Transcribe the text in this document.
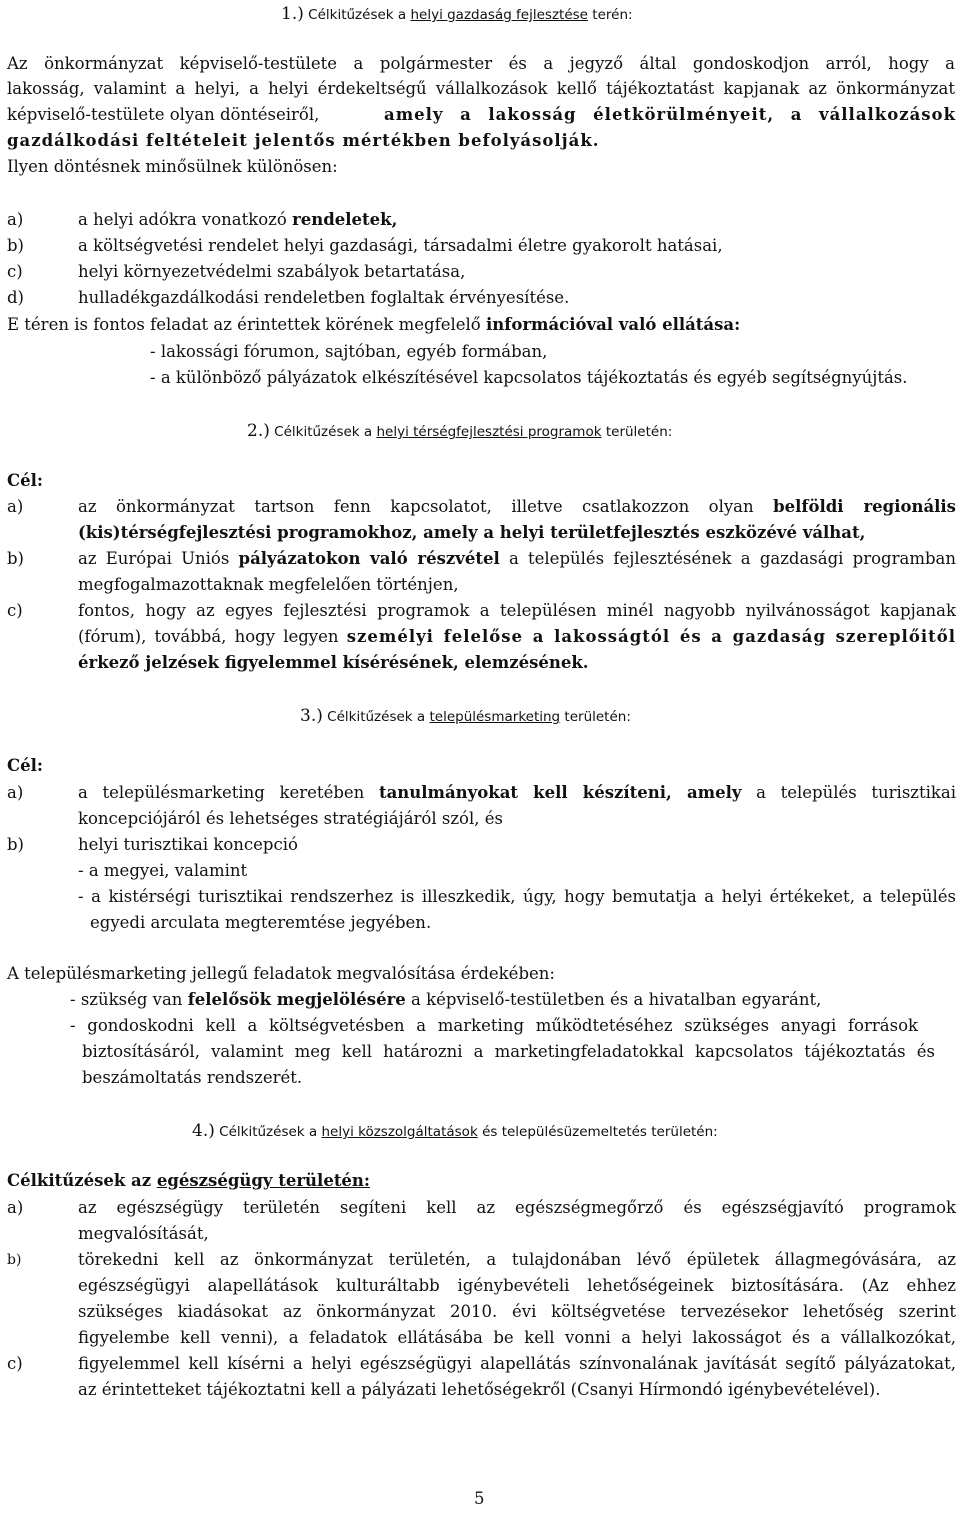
1.) Célkitűzések a helyi gazdaság fejlesztése terén:
Az önkormányzat képviselő-testülete a polgármester és a jegyző által gondoskodjon arról, hogy a
lakosság, valamint a helyi, a helyi érdekeltségű vállalkozások kellő tájékoztatást kapjanak az önkormányzat
képviselő-testülete olyan döntéseiről,	amely a lakosság életkörülményeit, a vállalkozások
gazdálkodási feltételeit jelentős mértékben befolyásolják.
Ilyen döntésnek minősülnek különösen:
a)	a helyi adókra vonatkozó rendeletek,
b)	a költségvetési rendelet helyi gazdasági, társadalmi életre gyakorolt hatásai,
c)	helyi környezetvédelmi szabályok betartatása,
d)	hulladékgazdálkodási rendeletben foglaltak érvényesítése.
E téren is fontos feladat az érintettek körének megfelelő információval való ellátása:
- lakossági fórumon, sajtóban, egyéb formában,
- a különböző pályázatok elkészítésével kapcsolatos tájékoztatás és egyéb segítségnyújtás.
2.) Célkitűzések a helyi térségfejlesztési programok területén:
Cél:
a)	az önkormányzat tartson fenn kapcsolatot, illetve csatlakozzon olyan belföldi regionális
(kis)térségfejlesztési programokhoz, amely a helyi területfejlesztés eszközévé válhat,
b)	az Európai Uniós pályázatokon való részvétel a település fejlesztésének a gazdasági programban
megfogalmazottaknak megfelelően történjen,
c)	fontos, hogy az egyes fejlesztési programok a településen minél nagyobb nyilvánosságot kapjanak
(fórum), továbbá, hogy legyen személyi felelőse a lakosságtól és a gazdaság szereplőitől
érkező jelzések figyelemmel kísérésének, elemzésének.
3.) Célkitűzések a településmarketing területén:
Cél:
a)	a településmarketing keretében tanulmányokat kell készíteni, amely a település turisztikai
koncepciójáról és lehetséges stratégiájáról szól, és
b)	helyi turisztikai koncepció
- a megyei, valamint
- a kistérségi turisztikai rendszerhez is illeszkedik, úgy, hogy bemutatja a helyi értékeket, a település
egyedi arculata megteremtése jegyében.
A településmarketing jellegű feladatok megvalósítása érdekében:
- szükség van felelősök megjelölésére a képviselő-testületben és a hivatalban egyaránt,
- gondoskodni kell a költségvetésben a marketing működtetéséhez szükséges anyagi források
biztosításáról, valamint meg kell határozni a marketingfeladatokkal kapcsolatos tájékoztatás és
beszámoltatás rendszerét.
4.) Célkitűzések a helyi közszolgáltatások és településüzemeltetés területén:
Célkitűzések az egészségügy területén:
a)	az egészségügy területén segíteni kell az egészségmegőrző és egészségjavító programok
megvalósítását,
b)	törekedni kell az önkormányzat területén, a tulajdonában lévő épületek állagmegóvására, az
egészségügyi alapellátások kulturáltabb igénybevételi lehetőségeinek biztosítására. (Az ehhez
szükséges kiadásokat az önkormányzat 2010. évi költségvetése tervezésekor lehetőség szerint
figyelembe kell venni), a feladatok ellátásába be kell vonni a helyi lakosságot és a vállalkozókat,
c)	figyelemmel kell kísérni a helyi egészségügyi alapellátás színvonalának javítását segítő pályázatokat,
az érintetteket tájékoztatni kell a pályázati lehetőségekről (Csanyi Hírmondó igénybevételével).
5
